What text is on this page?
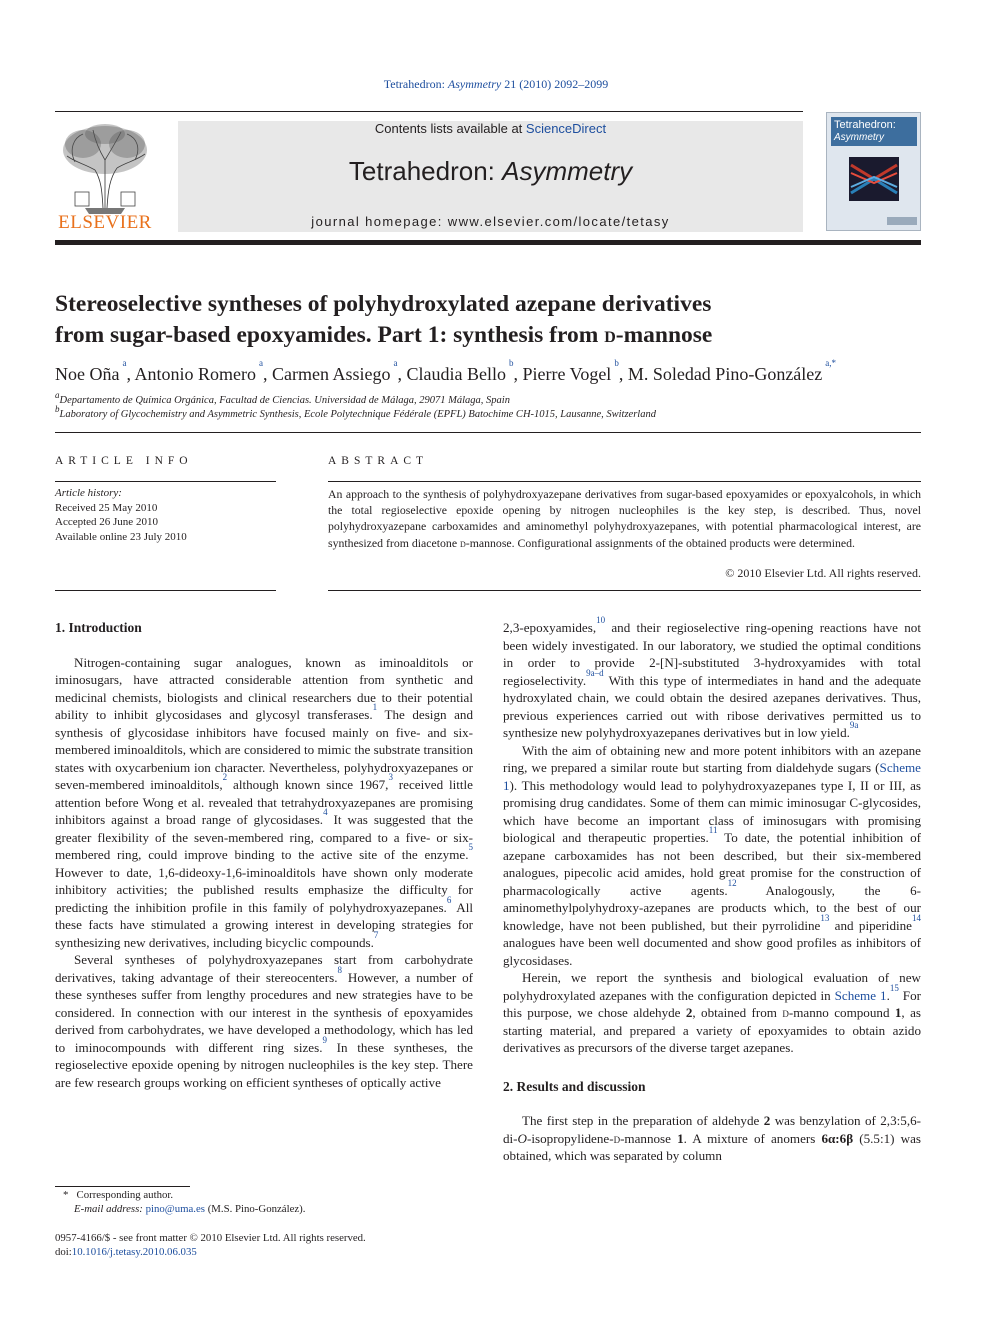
Tetrahedron: Asymmetry 21 (2010) 2092–2099
ELSEVIER
Contents lists available at ScienceDirect
Tetrahedron: Asymmetry
journal homepage: www.elsevier.com/locate/tetasy
Tetrahedron:
Asymmetry
Stereoselective syntheses of polyhydroxylated azepane derivatives
from sugar-based epoxyamides. Part 1: synthesis from d-mannose
Noe Oña$^a$, Antonio Romero$^a$, Carmen Assiego$^a$, Claudia Bello$^b$, Pierre Vogel$^b$, M. Soledad Pino-González$^{a,*}$
$^a$Departamento de Química Orgánica, Facultad de Ciencias. Universidad de Málaga, 29071 Málaga, Spain
$^b$Laboratory of Glycochemistry and Asymmetric Synthesis, Ecole Polytechnique Fédérale (EPFL) Batochime CH-1015, Lausanne, Switzerland
ARTICLE INFO	ABSTRACT
Article history:
Received 25 May 2010
Accepted 26 June 2010
Available online 23 July 2010
An approach to the synthesis of polyhydroxyazepane derivatives from sugar-based epoxyamides or epoxyalcohols, in which the total regioselective epoxide opening by nitrogen nucleophiles is the key step, is described. Thus, novel polyhydroxyazepane carboxamides and aminomethyl polyhydroxyazepanes, with potential pharmacological interest, are synthesized from diacetone d-mannose. Configurational assignments of the obtained products were determined.
© 2010 Elsevier Ltd. All rights reserved.
1. Introduction

Nitrogen-containing sugar analogues, known as iminoalditols or iminosugars, have attracted considerable attention from synthetic and medicinal chemists, biologists and clinical researchers due to their potential ability to inhibit glycosidases and glycosyl transferases.$^1$ The design and synthesis of glycosidase inhibitors have focused mainly on five- and six-membered iminoalditols, which are considered to mimic the substrate transition states with oxycarbenium ion character. Nevertheless, polyhydroxyazepanes or seven-membered iminoalditols,$^2$ although known since 1967,$^3$ received little attention before Wong et al. revealed that tetrahydroxyazepanes are promising inhibitors against a broad range of glycosidases.$^4$ It was suggested that the greater flexibility of the seven-membered ring, compared to a five- or six-membered ring, could improve binding to the active site of the enzyme.$^5$ However to date, 1,6-dideoxy-1,6-iminoalditols have shown only moderate inhibitory activities; the published results emphasize the difficulty for predicting the inhibition profile in this family of polyhydroxyazepanes.$^6$ All these facts have stimulated a growing interest in developing strategies for synthesizing new derivatives, including bicyclic compounds.$^7$

Several syntheses of polyhydroxyazepanes start from carbohydrate derivatives, taking advantage of their stereocenters.$^8$ However, a number of these syntheses suffer from lengthy procedures and new strategies have to be considered. In connection with our interest in the synthesis of epoxyamides derived from carbohydrates, we have developed a methodology, which has led to iminocompounds with different ring sizes.$^9$ In these syntheses, the regioselective epoxide opening by nitrogen nucleophiles is the key step. There are few research groups working on efficient syntheses of optically active

2,3-epoxyamides,$^{10}$ and their regioselective ring-opening reactions have not been widely investigated. In our laboratory, we studied the optimal conditions in order to provide 2-[N]-substituted 3-hydroxyamides with total regioselectivity.$^{9a-d}$ With this type of intermediates in hand and the adequate hydroxylated chain, we could obtain the desired azepanes derivatives. Thus, previous experiences carried out with ribose derivatives permitted us to synthesize new polyhydroxyazepanes derivatives but in low yield.$^{9a}$

With the aim of obtaining new and more potent inhibitors with an azepane ring, we prepared a similar route but starting from dialdehyde sugars (Scheme 1). This methodology would lead to polyhydroxyazepanes type I, II or III, as promising drug candidates. Some of them can mimic iminosugar C-glycosides, which have become an important class of iminosugars with promising biological and therapeutic properties.$^{11}$ To date, the potential inhibition of azepane carboxamides has not been described, but their six-membered analogues, pipecolic acid amides, hold great promise for the construction of pharmacologically active agents.$^{12}$ Analogously, the 6-aminomethylpolyhydroxy-azepanes are products which, to the best of our knowledge, have not been published, but their pyrrolidine$^{13}$ and piperidine$^{14}$ analogues have been well documented and show good profiles as inhibitors of glycosidases.

Herein, we report the synthesis and biological evaluation of new polyhydroxylated azepanes with the configuration depicted in Scheme 1.15 For this purpose, we chose aldehyde 2, obtained from d-manno compound 1, as starting material, and prepared a variety of epoxyamides to obtain azido derivatives as precursors of the diverse target azepanes.

2. Results and discussion

The first step in the preparation of aldehyde 2 was benzylation of 2,3:5,6-di-O-isopropylidene-d-mannose 1. A mixture of anomers 6α:6β (5.5:1) was obtained, which was separated by column

* Corresponding author.
E-mail address: pino@uma.es (M.S. Pino-González).
0957-4166/$ - see front matter © 2010 Elsevier Ltd. All rights reserved.
doi:10.1016/j.tetasy.2010.06.035
